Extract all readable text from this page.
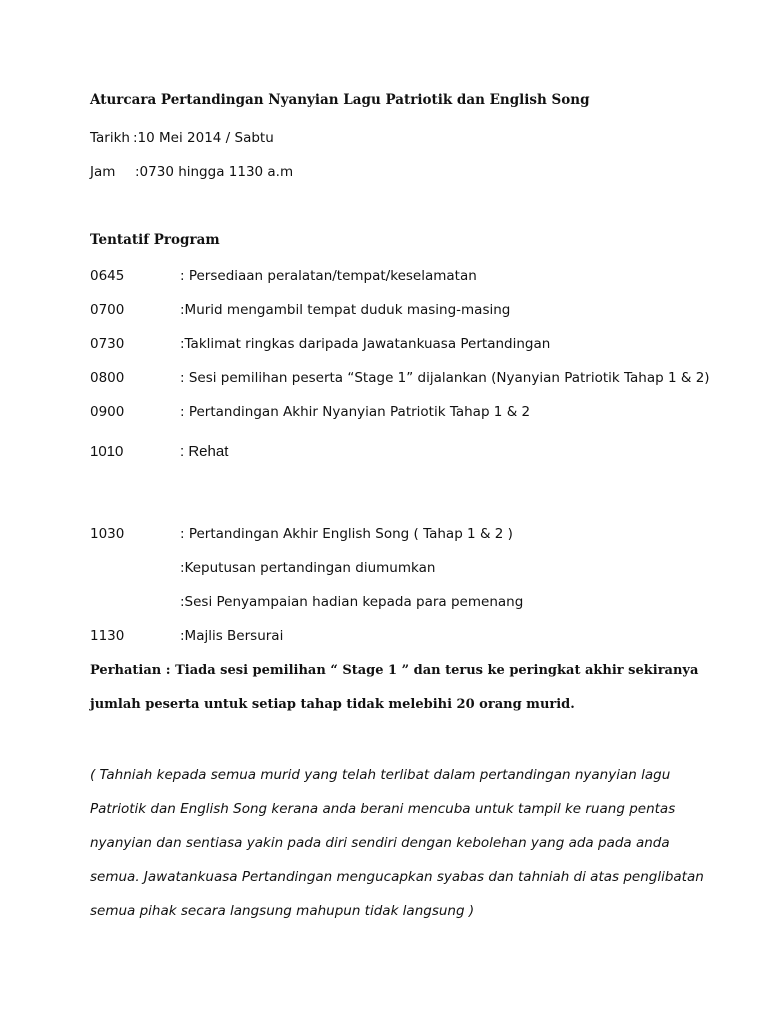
Aturcara Pertandingan Nyanyian Lagu Patriotik dan English Song
Tarikh :10 Mei 2014 / Sabtu
Jam :0730 hingga 1130 a.m
Tentatif Program
0645	: Persediaan peralatan/tempat/keselamatan
0700	:Murid mengambil tempat duduk masing-masing
0730	:Taklimat ringkas daripada Jawatankuasa Pertandingan
0800	: Sesi pemilihan peserta “Stage 1” dijalankan (Nyanyian Patriotik Tahap 1 & 2)
0900	: Pertandingan Akhir Nyanyian Patriotik Tahap 1 & 2
1010	: Rehat
1030	: Pertandingan Akhir English Song ( Tahap 1 & 2 )
:Keputusan pertandingan diumumkan
:Sesi Penyampaian hadian kepada para pemenang
1130	:Majlis Bersurai
Perhatian : Tiada sesi pemilihan “ Stage 1 ” dan terus ke peringkat akhir sekiranya
jumlah peserta untuk setiap tahap tidak melebihi 20 orang murid.
( Tahniah kepada semua murid yang telah terlibat dalam pertandingan nyanyian lagu
Patriotik dan English Song kerana anda berani mencuba untuk tampil ke ruang pentas
nyanyian dan sentiasa yakin pada diri sendiri dengan kebolehan yang ada pada anda
semua. Jawatankuasa Pertandingan mengucapkan syabas dan tahniah di atas penglibatan
semua pihak secara langsung mahupun tidak langsung )
